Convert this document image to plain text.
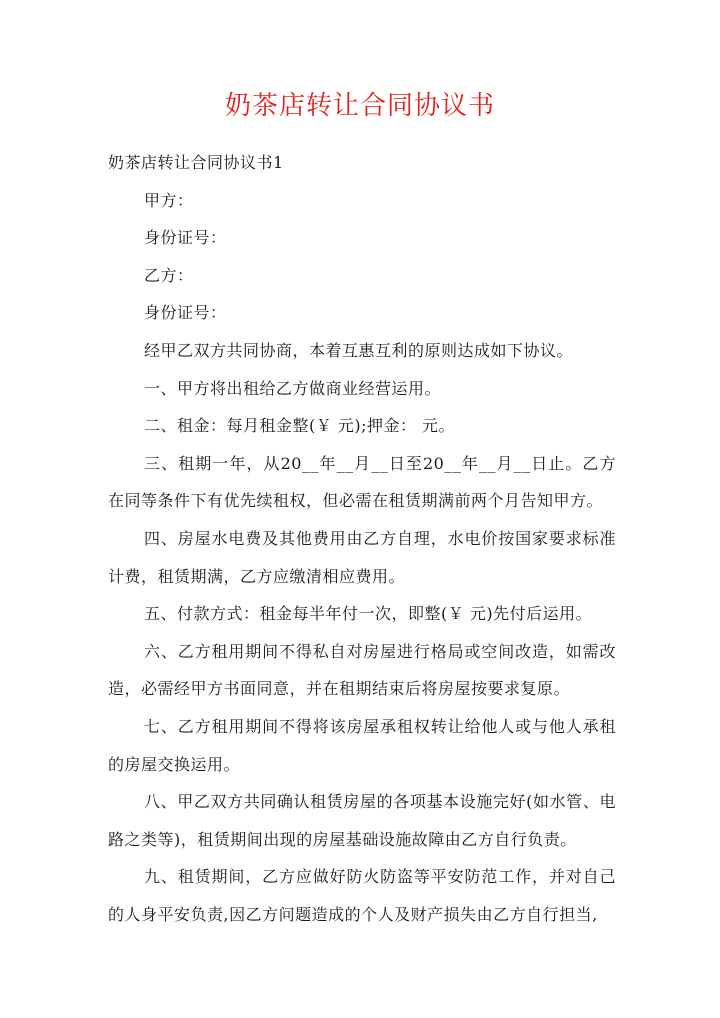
奶茶店转让合同协议书

奶茶店转让合同协议书1

甲方：

身份证号：

乙方：

身份证号：

经甲乙双方共同协商，本着互惠互利的原则达成如下协议。

一、甲方将出租给乙方做商业经营运用。

二、租金：每月租金整(￥ 元);押金： 元。

三、租期一年，从20__年__月__日至20__年__月__日止。乙方在同等条件下有优先续租权，但必需在租赁期满前两个月告知甲方。

四、房屋水电费及其他费用由乙方自理，水电价按国家要求标准计费，租赁期满，乙方应缴清相应费用。

五、付款方式：租金每半年付一次，即整(￥ 元)先付后运用。

六、乙方租用期间不得私自对房屋进行格局或空间改造，如需改造，必需经甲方书面同意，并在租期结束后将房屋按要求复原。

七、乙方租用期间不得将该房屋承租权转让给他人或与他人承租的房屋交换运用。

八、甲乙双方共同确认租赁房屋的各项基本设施完好(如水管、电路之类等)，租赁期间出现的房屋基础设施故障由乙方自行负责。

九、租赁期间，乙方应做好防火防盗等平安防范工作，并对自己的人身平安负责,因乙方问题造成的个人及财产损失由乙方自行担当,
